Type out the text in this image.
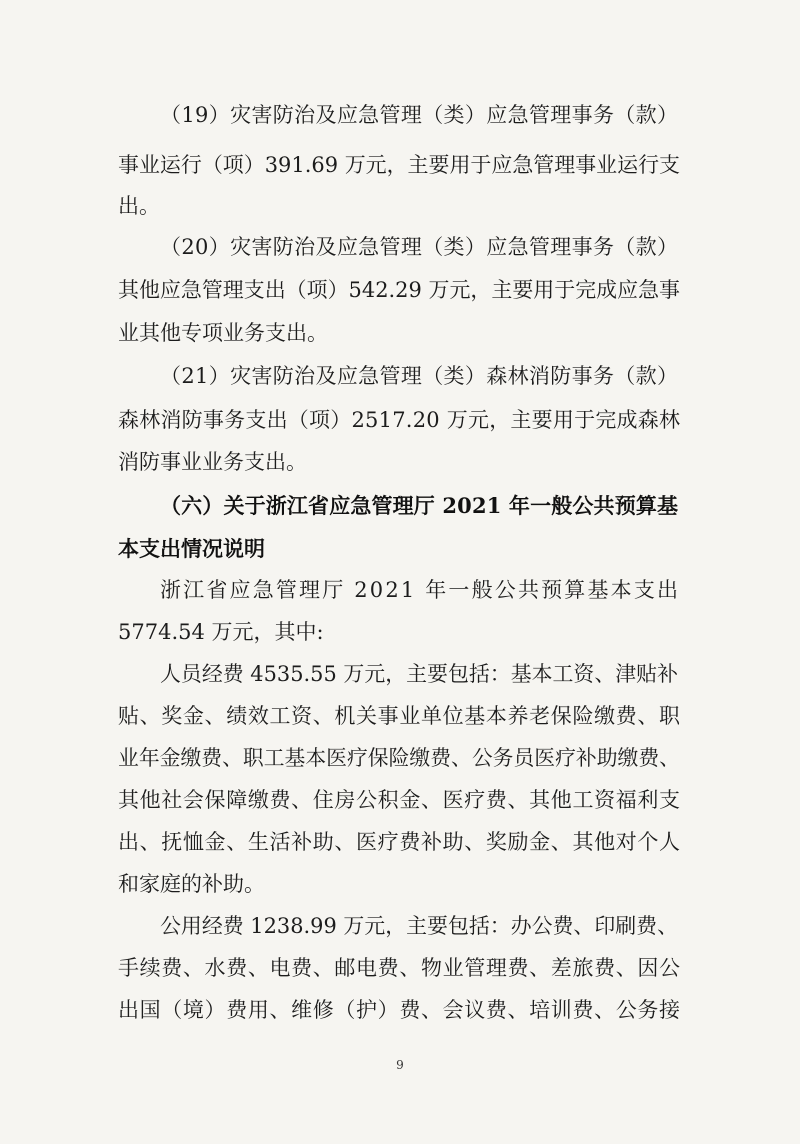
（19）灾害防治及应急管理（类）应急管理事务（款）
事业运行（项）391.69 万元，主要用于应急管理事业运行支
出。
（20）灾害防治及应急管理（类）应急管理事务（款）
其他应急管理支出（项）542.29 万元，主要用于完成应急事
业其他专项业务支出。
（21）灾害防治及应急管理（类）森林消防事务（款）
森林消防事务支出（项）2517.20 万元，主要用于完成森林
消防事业业务支出。
（六）关于浙江省应急管理厅 2021 年一般公共预算基
本支出情况说明
浙江省应急管理厅 2021 年一般公共预算基本支出
5774.54 万元，其中:
人员经费 4535.55 万元，主要包括：基本工资、津贴补
贴、奖金、绩效工资、机关事业单位基本养老保险缴费、职
业年金缴费、职工基本医疗保险缴费、公务员医疗补助缴费、
其他社会保障缴费、住房公积金、医疗费、其他工资福利支
出、抚恤金、生活补助、医疗费补助、奖励金、其他对个人
和家庭的补助。
公用经费 1238.99 万元，主要包括：办公费、印刷费、
手续费、水费、电费、邮电费、物业管理费、差旅费、因公
出国（境）费用、维修（护）费、会议费、培训费、公务接
9
